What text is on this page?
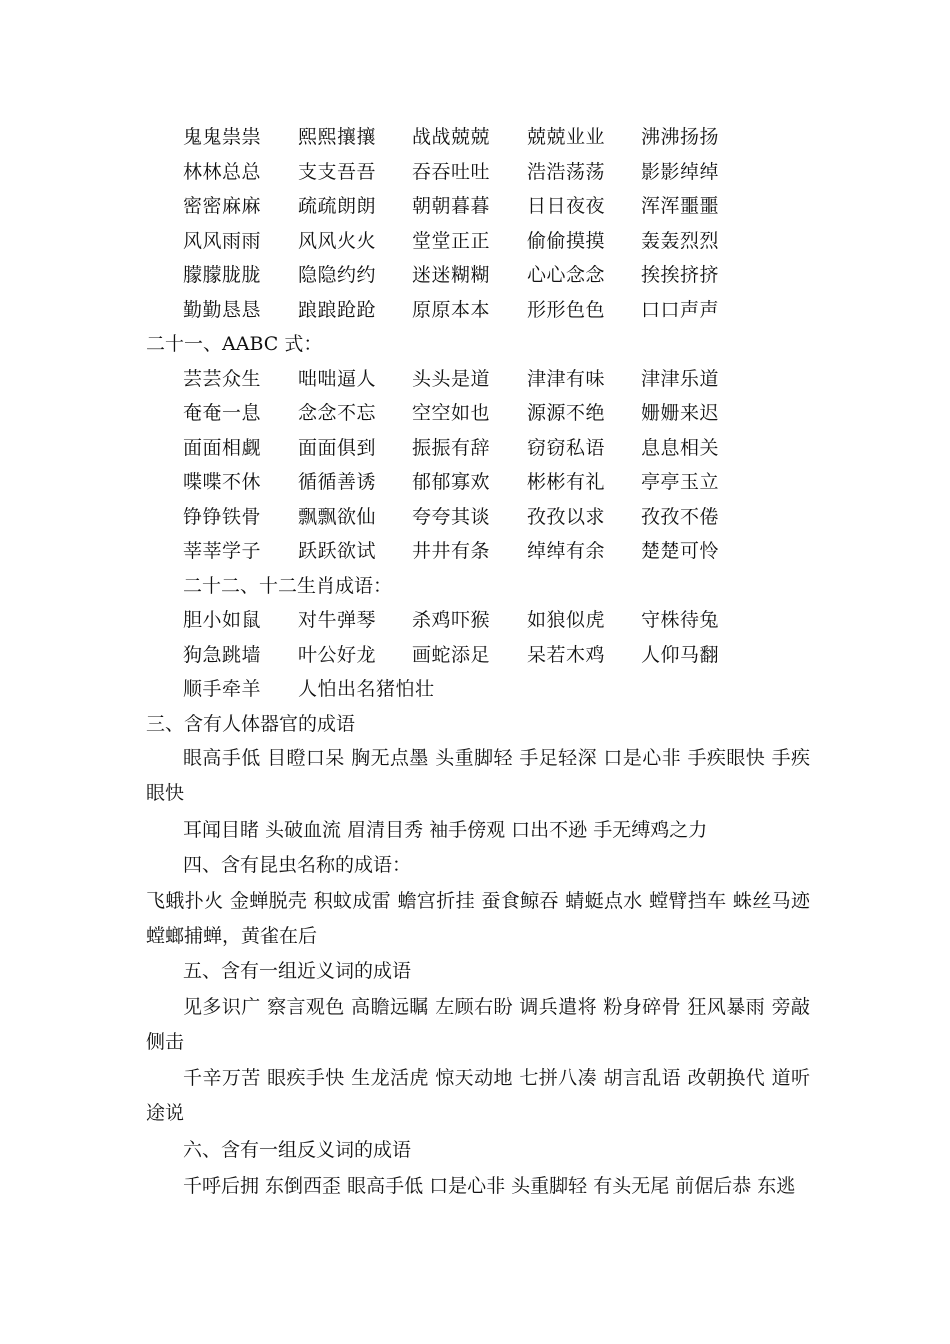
鬼鬼祟祟 熙熙攘攘 战战兢兢 兢兢业业 沸沸扬扬
林林总总 支支吾吾 吞吞吐吐 浩浩荡荡 影影绰绰
密密麻麻 疏疏朗朗 朝朝暮暮 日日夜夜 浑浑噩噩
风风雨雨 风风火火 堂堂正正 偷偷摸摸 轰轰烈烈
朦朦胧胧 隐隐约约 迷迷糊糊 心心念念 挨挨挤挤
勤勤恳恳 踉踉跄跄 原原本本 形形色色 口口声声
二十一、AABC 式：
芸芸众生 咄咄逼人 头头是道 津津有味 津津乐道
奄奄一息 念念不忘 空空如也 源源不绝 姗姗来迟
面面相觑 面面俱到 振振有辞 窃窃私语 息息相关
喋喋不休 循循善诱 郁郁寡欢 彬彬有礼 亭亭玉立
铮铮铁骨 飘飘欲仙 夸夸其谈 孜孜以求 孜孜不倦
莘莘学子 跃跃欲试 井井有条 绰绰有余 楚楚可怜
二十二、十二生肖成语：
胆小如鼠 对牛弹琴 杀鸡吓猴 如狼似虎 守株待兔
狗急跳墙 叶公好龙 画蛇添足 呆若木鸡 人仰马翻
顺手牵羊 人怕出名猪怕壮
三、含有人体器官的成语
眼高手低 目瞪口呆 胸无点墨 头重脚轻 手足轻深 口是心非 手疾眼快 手疾眼快
耳闻目睹 头破血流 眉清目秀 袖手傍观 口出不逊 手无缚鸡之力
四、含有昆虫名称的成语：
飞蛾扑火 金蝉脱壳 积蚊成雷 蟾宫折挂 蚕食鲸吞 蜻蜓点水 螳臂挡车 蛛丝马迹 螳螂捕蝉，黄雀在后
五、含有一组近义词的成语
见多识广 察言观色 高瞻远瞩 左顾右盼 调兵遣将 粉身碎骨 狂风暴雨 旁敲侧击
千辛万苦 眼疾手快 生龙活虎 惊天动地 七拼八凑 胡言乱语 改朝换代 道听途说
六、含有一组反义词的成语
千呼后拥 东倒西歪 眼高手低 口是心非 头重脚轻 有头无尾 前倨后恭 东逃
